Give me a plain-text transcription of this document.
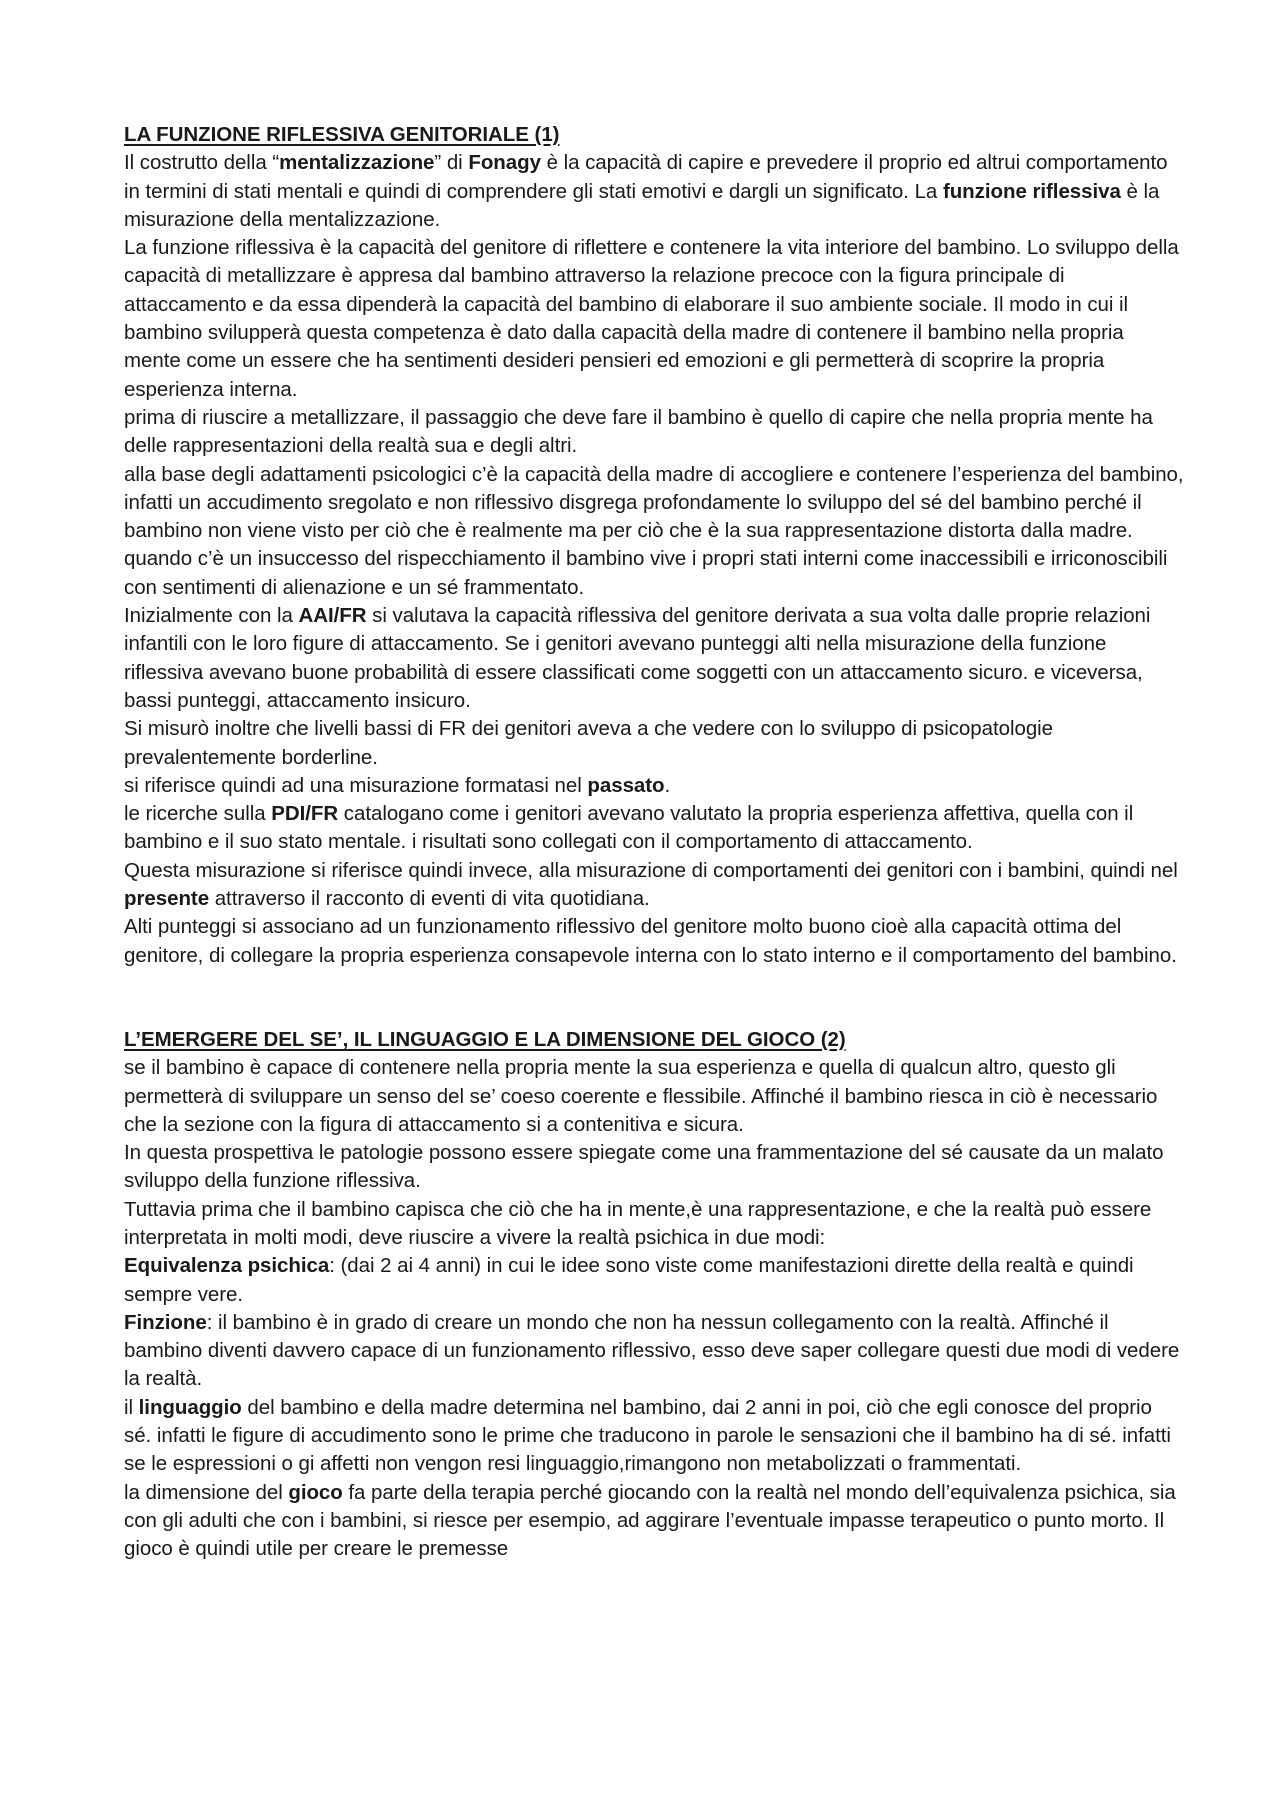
LA FUNZIONE RIFLESSIVA GENITORIALE (1)

Il costrutto della “mentalizzazione” di Fonagy è la capacità di capire e prevedere il proprio ed altrui comportamento in termini di stati mentali e quindi di comprendere gli stati emotivi e dargli un significato. La funzione riflessiva è la misurazione della mentalizzazione.

La funzione riflessiva è la capacità del genitore di riflettere e contenere la vita interiore del bambino. Lo sviluppo della capacità di metallizzare è appresa dal bambino attraverso la relazione precoce con la figura principale di attaccamento e da essa dipenderà la capacità del bambino di elaborare il suo ambiente sociale. Il modo in cui il bambino svilupperà questa competenza è dato dalla capacità della madre di contenere il bambino nella propria mente come un essere che ha sentimenti desideri pensieri ed emozioni e gli permetterà di scoprire la propria esperienza interna.

prima di riuscire a metallizzare, il passaggio che deve fare il bambino è quello di capire che nella propria mente ha delle rappresentazioni della realtà sua e degli altri.

alla base degli adattamenti psicologici c’è la capacità della madre di accogliere e contenere l’esperienza del bambino, infatti un accudimento sregolato e non riflessivo disgrega profondamente lo sviluppo del sé del bambino perché il bambino non viene visto per ciò che è realmente ma per ciò che è la sua rappresentazione distorta dalla madre. quando c’è un insuccesso del rispecchiamento il bambino vive i propri stati interni come inaccessibili e irriconoscibili con sentimenti di alienazione e un sé frammentato.

Inizialmente con la AAI/FR si valutava la capacità riflessiva del genitore derivata a sua volta dalle proprie relazioni infantili con le loro figure di attaccamento. Se i genitori avevano punteggi alti nella misurazione della funzione riflessiva avevano buone probabilità di essere classificati come soggetti con un attaccamento sicuro. e viceversa, bassi punteggi, attaccamento insicuro.

Si misurò inoltre che livelli bassi di FR dei genitori aveva a che vedere con lo sviluppo di psicopatologie prevalentemente borderline.

si riferisce quindi ad una misurazione formatasi nel passato.

le ricerche sulla PDI/FR catalogano come i genitori avevano valutato la propria esperienza affettiva, quella con il bambino e il suo stato mentale. i risultati sono collegati con il comportamento di attaccamento.

Questa misurazione si riferisce quindi invece, alla misurazione di comportamenti dei genitori con i bambini, quindi nel presente attraverso il racconto di eventi di vita quotidiana.

Alti punteggi si associano ad un funzionamento riflessivo del genitore molto buono cioè alla capacità ottima del genitore, di collegare la propria esperienza consapevole interna con lo stato interno e il comportamento del bambino.

L’EMERGERE DEL SE’, IL LINGUAGGIO E LA DIMENSIONE DEL GIOCO (2)

se il bambino è capace di contenere nella propria mente la sua esperienza e quella di qualcun altro, questo gli permetterà di sviluppare un senso del se’ coeso coerente e flessibile. Affinché il bambino riesca in ciò è necessario che la sezione con la figura di attaccamento si a contenitiva e sicura.

In questa prospettiva le patologie possono essere spiegate come una frammentazione del sé causate da un malato sviluppo della funzione riflessiva.

Tuttavia prima che il bambino capisca che ciò che ha in mente,è una rappresentazione, e che la realtà può essere interpretata in molti modi, deve riuscire a vivere la realtà psichica in due modi:

Equivalenza psichica: (dai 2 ai 4 anni) in cui le idee sono viste come manifestazioni dirette della realtà e quindi sempre vere.

Finzione: il bambino è in grado di creare un mondo che non ha nessun collegamento con la realtà. Affinché il bambino diventi davvero capace di un funzionamento riflessivo, esso deve saper collegare questi due modi di vedere la realtà.

il linguaggio del bambino e della madre determina nel bambino, dai 2 anni in poi, ciò che egli conosce del proprio sé. infatti le figure di accudimento sono le prime che traducono in parole le sensazioni che il bambino ha di sé. infatti se le espressioni o gi affetti non vengon resi linguaggio,rimangono non metabolizzati o frammentati.

la dimensione del gioco fa parte della terapia perché giocando con la realtà nel mondo dell’equivalenza psichica, sia con gli adulti che con i bambini, si riesce per esempio, ad aggirare l’eventuale impasse terapeutico o punto morto. Il gioco è quindi utile per creare le premesse
